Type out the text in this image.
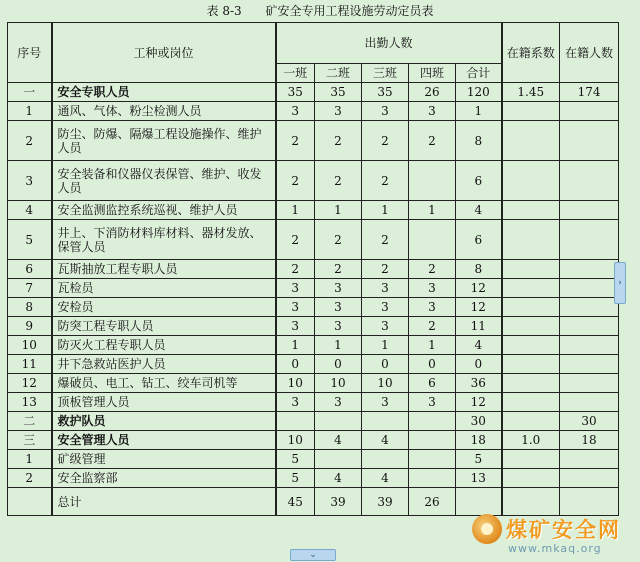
表 8-3 矿安全专用工程设施劳动定员表
序号	工种或岗位	出勤人数					在籍系数	在籍人数
		一班	二班	三班	四班	合计		
一	安全专职人员	35	35	35	26	120	1.45	174
1	通风、气体、粉尘检测人员	3	3	3	3	1		
2	防尘、防爆、隔爆工程设施操作、维护人员	2	2	2	2	8		
3	安全装备和仪器仪表保管、维护、收发人员	2	2	2		6		
4	安全监测监控系统巡视、维护人员	1	1	1	1	4		
5	井上、下消防材料库材料、器材发放、保管人员	2	2	2		6		
6	瓦斯抽放工程专职人员	2	2	2	2	8		
7	瓦检员	3	3	3	3	12		
8	安检员	3	3	3	3	12		
9	防突工程专职人员	3	3	3	2	11		
10	防灭火工程专职人员	1	1	1	1	4		
11	井下急救站医护人员	0	0	0	0	0		
12	爆破员、电工、钻工、绞车司机等	10	10	10	6	36		
13	顶板管理人员	3	3	3	3	12		
二	救护队员					30		30
三	安全管理人员	10	4	4		18	1.0	18
1	矿级管理	5				5		
2	安全监察部	5	4	4		13		
	总计	45	39	39	26			
›
⌄
煤矿安全网
www.mkaq.org
